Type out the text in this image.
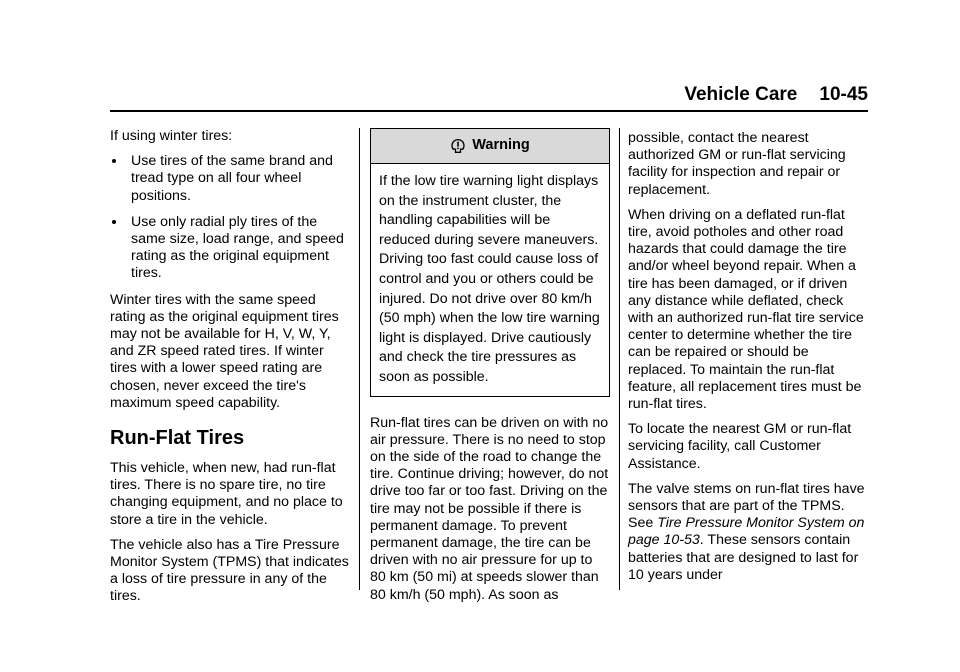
Vehicle Care 10-45

If using winter tires:

Use tires of the same brand and tread type on all four wheel positions.
Use only radial ply tires of the same size, load range, and speed rating as the original equipment tires.

Winter tires with the same speed rating as the original equipment tires may not be available for H, V, W, Y, and ZR speed rated tires. If winter tires with a lower speed rating are chosen, never exceed the tire's maximum speed capability.

Run-Flat Tires

This vehicle, when new, had run-flat tires. There is no spare tire, no tire changing equipment, and no place to store a tire in the vehicle.

The vehicle also has a Tire Pressure Monitor System (TPMS) that indicates a loss of tire pressure in any of the tires.

Warning
If the low tire warning light displays on the instrument cluster, the handling capabilities will be reduced during severe maneuvers. Driving too fast could cause loss of control and you or others could be injured. Do not drive over 80 km/h (50 mph) when the low tire warning light is displayed. Drive cautiously and check the tire pressures as soon as possible.

Run-flat tires can be driven on with no air pressure. There is no need to stop on the side of the road to change the tire. Continue driving; however, do not drive too far or too fast. Driving on the tire may not be possible if there is permanent damage. To prevent permanent damage, the tire can be driven with no air pressure for up to 80 km (50 mi) at speeds slower than 80 km/h (50 mph). As soon as

possible, contact the nearest authorized GM or run-flat servicing facility for inspection and repair or replacement.

When driving on a deflated run-flat tire, avoid potholes and other road hazards that could damage the tire and/or wheel beyond repair. When a tire has been damaged, or if driven any distance while deflated, check with an authorized run-flat tire service center to determine whether the tire can be repaired or should be replaced. To maintain the run-flat feature, all replacement tires must be run-flat tires.

To locate the nearest GM or run-flat servicing facility, call Customer Assistance.

The valve stems on run-flat tires have sensors that are part of the TPMS. See Tire Pressure Monitor System on page 10-53. These sensors contain batteries that are designed to last for 10 years under
